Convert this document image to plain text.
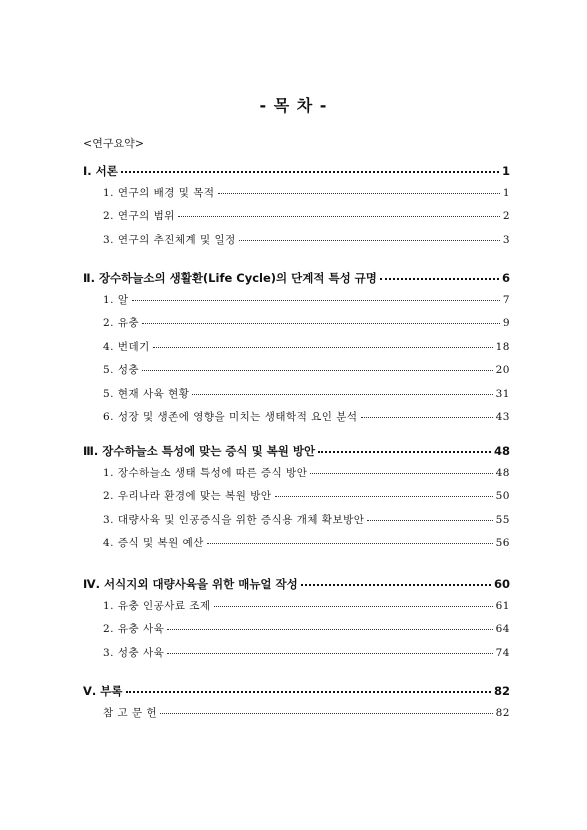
- 목 차 -
<연구요약>
I. 서론	1
1. 연구의 배경 및 목적	1
2. 연구의 범위	2
3. 연구의 추진체계 및 일정	3
Ⅱ. 장수하늘소의 생활환(Life Cycle)의 단계적 특성 규명	6
1. 알	7
2. 유충	9
4. 번데기	18
5. 성충	20
5. 현재 사육 현황	31
6. 성장 및 생존에 영향을 미치는 생태학적 요인 분석	43
Ⅲ. 장수하늘소 특성에 맞는 증식 및 복원 방안	48
1. 장수하늘소 생태 특성에 따른 증식 방안	48
2. 우리나라 환경에 맞는 복원 방안	50
3. 대량사육 및 인공증식을 위한 증식용 개체 확보방안	55
4. 증식 및 복원 예산	56
Ⅳ. 서식지외 대량사육을 위한 매뉴얼 작성	60
1. 유충 인공사료 조제	61
2. 유충 사육	64
3. 성충 사육	74
Ⅴ. 부록	82
참 고 문 헌	82
